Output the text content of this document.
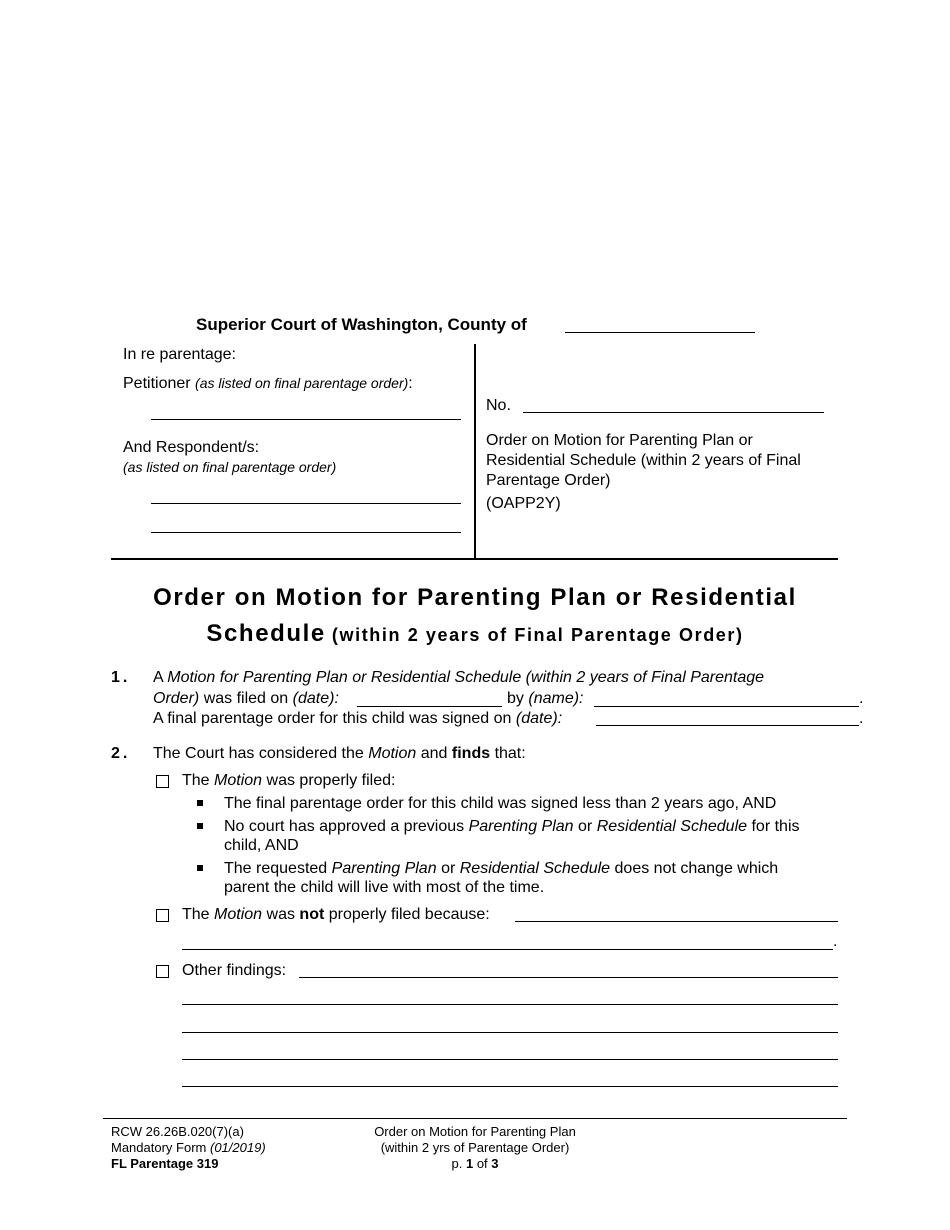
Superior Court of Washington, County of
In re parentage:
Petitioner (as listed on final parentage order):
And Respondent/s:
(as listed on final parentage order)
No.
Order on Motion for Parenting Plan or
Residential Schedule (within 2 years of Final
Parentage Order)
(OAPP2Y)
Order on Motion for Parenting Plan or Residential
Schedule (within 2 years of Final Parentage Order)
1. A Motion for Parenting Plan or Residential Schedule (within 2 years of Final Parentage
Order) was filed on (date):	by (name):	.
A final parentage order for this child was signed on (date):	.
2. The Court has considered the Motion and finds that:
The Motion was properly filed:
The final parentage order for this child was signed less than 2 years ago, AND
No court has approved a previous Parenting Plan or Residential Schedule for this
child, AND
The requested Parenting Plan or Residential Schedule does not change which
parent the child will live with most of the time.
The Motion was not properly filed because:
.
Other findings:
RCW 26.26B.020(7)(a)
Mandatory Form (01/2019)
FL Parentage 319
Order on Motion for Parenting Plan
(within 2 yrs of Parentage Order)
p. 1 of 3
